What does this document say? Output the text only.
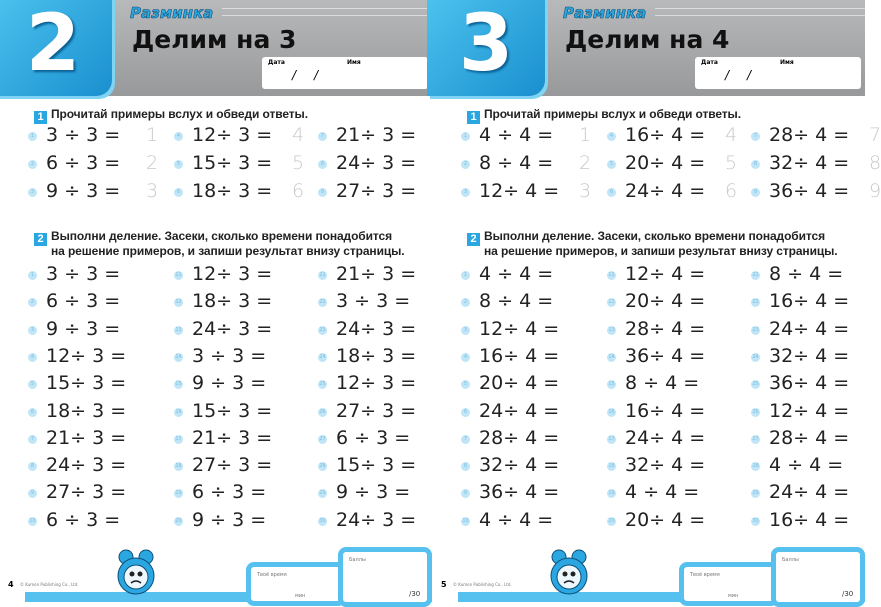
2	Разминка
Делим на 3
Дата	Имя
/ /
1 Прочитай примеры вслух и обведи ответы.
1 3 ÷ 3 = 1
2 6 ÷ 3 = 2
3 9 ÷ 3 = 3
4 12÷ 3 = 4
5 15÷ 3 = 5
6 18÷ 3 = 6
7 21÷ 3 =
8 24÷ 3 =
9 27÷ 3 =
2 Выполни деление. Засеки, сколько времени понадобится
на решение примеров, и запиши результат внизу страницы.
1 3 ÷ 3 =
2 6 ÷ 3 =
3 9 ÷ 3 =
4 12÷ 3 =
5 15÷ 3 =
6 18÷ 3 =
7 21÷ 3 =
8 24÷ 3 =
9 27÷ 3 =
10 6 ÷ 3 =
11 12÷ 3 =
12 18÷ 3 =
13 24÷ 3 =
14 3 ÷ 3 =
15 9 ÷ 3 =
16 15÷ 3 =
17 21÷ 3 =
18 27÷ 3 =
19 6 ÷ 3 =
20 9 ÷ 3 =
21 21÷ 3 =
22 3 ÷ 3 =
23 24÷ 3 =
24 18÷ 3 =
25 12÷ 3 =
26 27÷ 3 =
27 6 ÷ 3 =
28 15÷ 3 =
29 9 ÷ 3 =
30 24÷ 3 =
4 © Kumon Publishing Co., Ltd.
Твоё время
мин
Баллы
/30
3	Разминка
Делим на 4
Дата	Имя
/ /
1 Прочитай примеры вслух и обведи ответы.
1 4 ÷ 4 = 1
2 8 ÷ 4 = 2
3 12÷ 4 = 3
4 16÷ 4 = 4
5 20÷ 4 = 5
6 24÷ 4 = 6
7 28÷ 4 = 7
8 32÷ 4 = 8
9 36÷ 4 = 9
2 Выполни деление. Засеки, сколько времени понадобится
на решение примеров, и запиши результат внизу страницы.
1 4 ÷ 4 =
2 8 ÷ 4 =
3 12÷ 4 =
4 16÷ 4 =
5 20÷ 4 =
6 24÷ 4 =
7 28÷ 4 =
8 32÷ 4 =
9 36÷ 4 =
10 4 ÷ 4 =
11 12÷ 4 =
12 20÷ 4 =
13 28÷ 4 =
14 36÷ 4 =
15 8 ÷ 4 =
16 16÷ 4 =
17 24÷ 4 =
18 32÷ 4 =
19 4 ÷ 4 =
20 20÷ 4 =
21 8 ÷ 4 =
22 16÷ 4 =
23 24÷ 4 =
24 32÷ 4 =
25 36÷ 4 =
26 12÷ 4 =
27 28÷ 4 =
28 4 ÷ 4 =
29 24÷ 4 =
30 16÷ 4 =
5 © Kumon Publishing Co., Ltd.
Твоё время
мин
Баллы
/30
